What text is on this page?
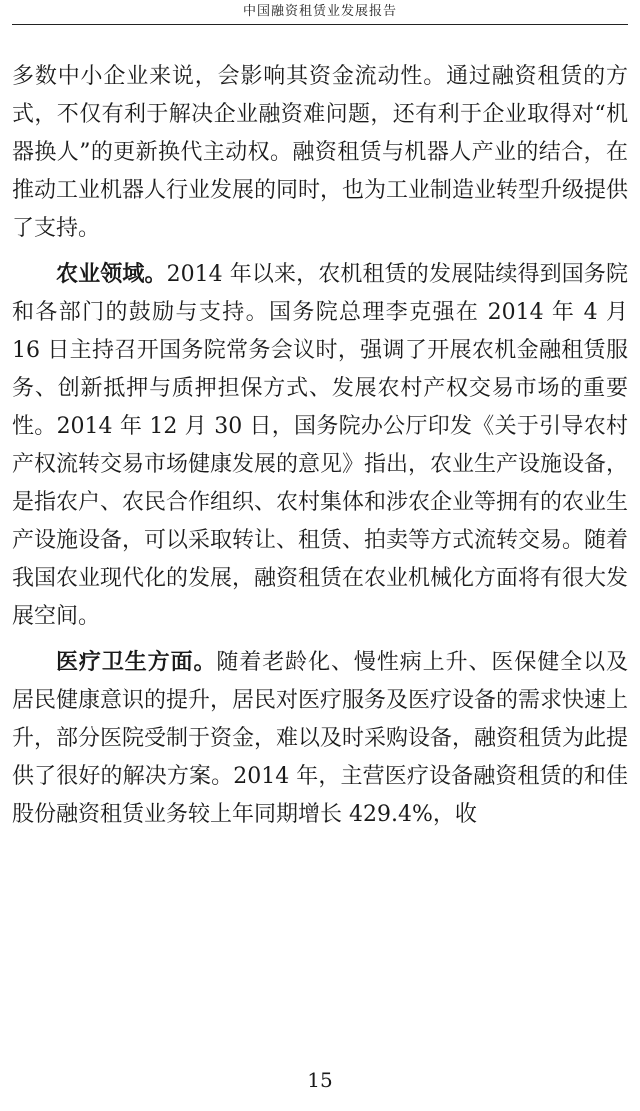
中国融资租赁业发展报告

多数中小企业来说，会影响其资金流动性。通过融资租赁的方式，不仅有利于解决企业融资难问题，还有利于企业取得对“机器换人”的更新换代主动权。融资租赁与机器人产业的结合，在推动工业机器人行业发展的同时，也为工业制造业转型升级提供了支持。

农业领域。2014 年以来，农机租赁的发展陆续得到国务院和各部门的鼓励与支持。国务院总理李克强在 2014 年 4 月 16 日主持召开国务院常务会议时，强调了开展农机金融租赁服务、创新抵押与质押担保方式、发展农村产权交易市场的重要性。2014 年 12 月 30 日，国务院办公厅印发《关于引导农村产权流转交易市场健康发展的意见》指出，农业生产设施设备，是指农户、农民合作组织、农村集体和涉农企业等拥有的农业生产设施设备，可以采取转让、租赁、拍卖等方式流转交易。随着我国农业现代化的发展，融资租赁在农业机械化方面将有很大发展空间。

医疗卫生方面。随着老龄化、慢性病上升、医保健全以及居民健康意识的提升，居民对医疗服务及医疗设备的需求快速上升，部分医院受制于资金，难以及时采购设备，融资租赁为此提供了很好的解决方案。2014 年，主营医疗设备融资租赁的和佳股份融资租赁业务较上年同期增长 429.4%，收

15
